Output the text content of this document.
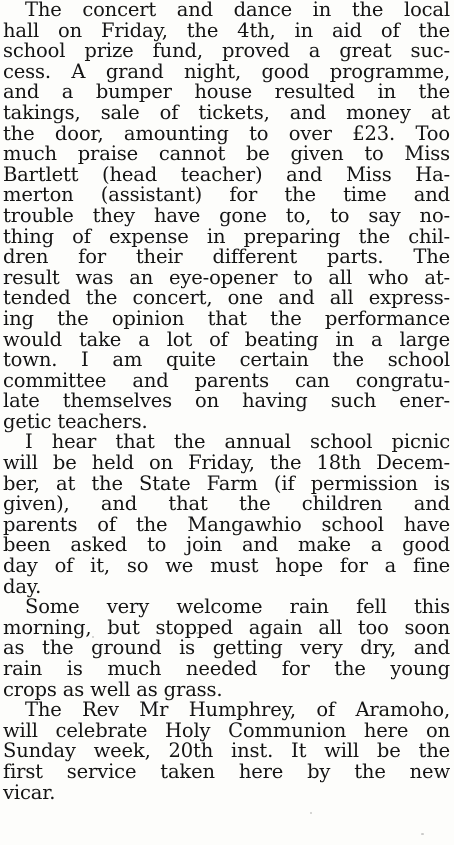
The concert and dance in the local
hall on Friday, the 4th, in aid of the
school prize fund, proved a great suc-
cess. A grand night, good programme,
and a bumper house resulted in the
takings, sale of tickets, and money at
the door, amounting to over £23. Too
much praise cannot be given to Miss
Bartlett (head teacher) and Miss Ha-
merton (assistant) for the time and
trouble they have gone to, to say no-
thing of expense in preparing the chil-
dren for their different parts. The
result was an eye-opener to all who at-
tended the concert, one and all express-
ing the opinion that the performance
would take a lot of beating in a large
town. I am quite certain the school
committee and parents can congratu-
late themselves on having such ener-
getic teachers.

I hear that the annual school picnic
will be held on Friday, the 18th Decem-
ber, at the State Farm (if permission is
given), and that the children and
parents of the Mangawhio school have
been asked to join and make a good
day of it, so we must hope for a fine
day.

Some very welcome rain fell this
morning, but stopped again all too soon
as the ground is getting very dry, and
rain is much needed for the young
crops as well as grass.

The Rev Mr Humphrey, of Aramoho,
will celebrate Holy Communion here on
Sunday week, 20th inst. It will be the
first service taken here by the new
vicar.
